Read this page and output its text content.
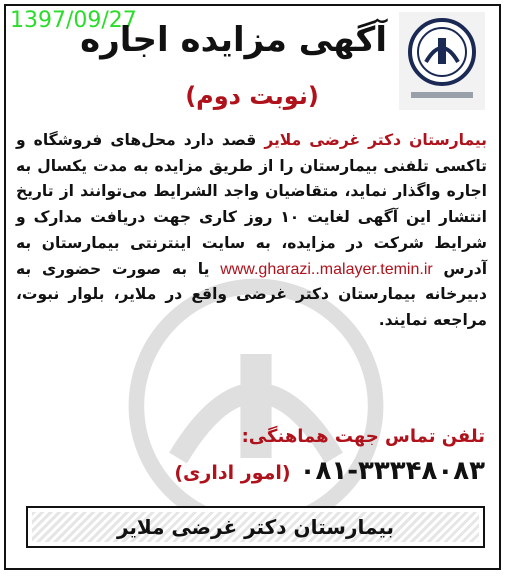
1397/09/27
آگهی مزایده اجاره
(نوبت دوم)
بیمارستان دکتر غرضی ملایر قصد دارد محل‌های فروشگاه و تاکسی تلفنی بیمارستان را از طریق مزایده به مدت یکسال به اجاره واگذار نماید، متقاضیان واجد الشرایط می‌توانند از تاریخ انتشار این آگهی لغایت ۱۰ روز کاری جهت دریافت مدارک و شرایط شرکت در مزایده، به سایت اینترنتی بیمارستان به آدرس www.gharazi..malayer.temin.ir یا به صورت حضوری به دبیرخانه بیمارستان دکتر غرضی واقع در ملایر، بلوار نبوت، مراجعه نمایند.
تلفن تماس جهت هماهنگی:
۰۸۱-۳۳۳۴۸۰۸۳ (امور اداری)
بیمارستان دکتر غرضی ملایر
